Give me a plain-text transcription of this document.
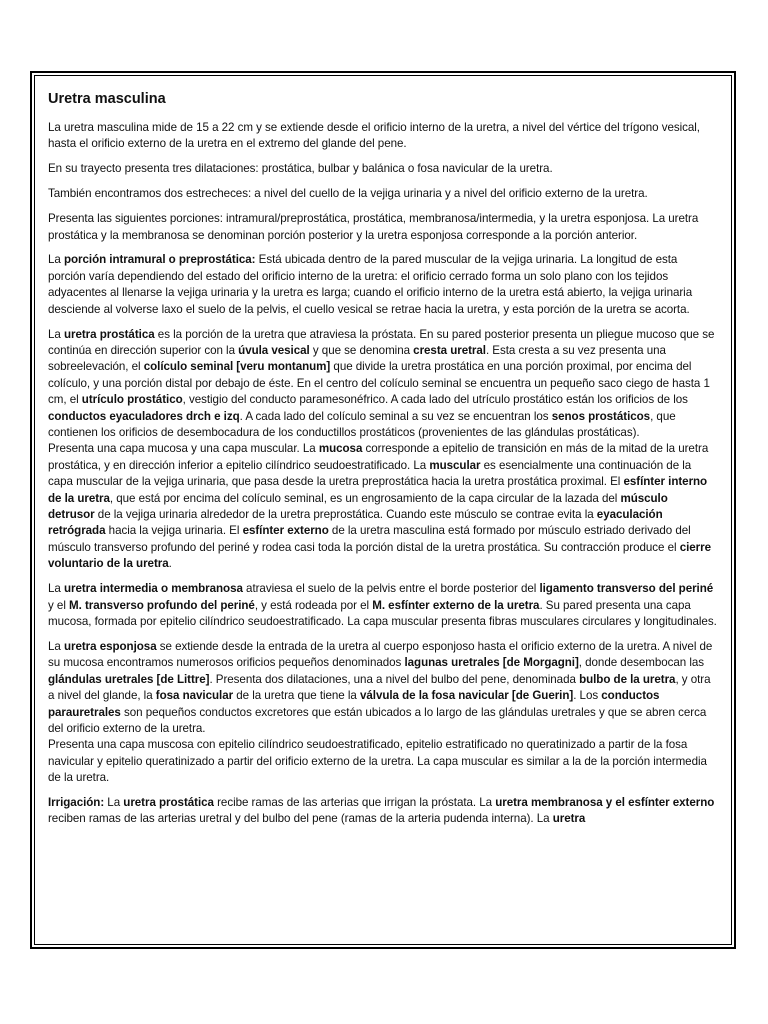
Uretra masculina

La uretra masculina mide de 15 a 22 cm y se extiende desde el orificio interno de la uretra, a nivel del vértice del trígono vesical, hasta el orificio externo de la uretra en el extremo del glande del pene.

En su trayecto presenta tres dilataciones: prostática, bulbar y balánica o fosa navicular de la uretra.

También encontramos dos estrecheces: a nivel del cuello de la vejiga urinaria y a nivel del orificio externo de la uretra.

Presenta las siguientes porciones: intramural/preprostática, prostática, membranosa/intermedia, y la uretra esponjosa. La uretra prostática y la membranosa se denominan porción posterior y la uretra esponjosa corresponde a la porción anterior.

La porción intramural o preprostática: Está ubicada dentro de la pared muscular de la vejiga urinaria. La longitud de esta porción varía dependiendo del estado del orificio interno de la uretra: el orificio cerrado forma un solo plano con los tejidos adyacentes al llenarse la vejiga urinaria y la uretra es larga; cuando el orificio interno de la uretra está abierto, la vejiga urinaria desciende al volverse laxo el suelo de la pelvis, el cuello vesical se retrae hacia la uretra, y esta porción de la uretra se acorta.

La uretra prostática es la porción de la uretra que atraviesa la próstata. En su pared posterior presenta un pliegue mucoso que se continúa en dirección superior con la úvula vesical y que se denomina cresta uretral. Esta cresta a su vez presenta una sobreelevación, el colículo seminal [veru montanum] que divide la uretra prostática en una porción proximal, por encima del colículo, y una porción distal por debajo de éste. En el centro del colículo seminal se encuentra un pequeño saco ciego de hasta 1 cm, el utrículo prostático, vestigio del conducto paramesonéfrico. A cada lado del utrículo prostático están los orificios de los conductos eyaculadores drch e izq. A cada lado del colículo seminal a su vez se encuentran los senos prostáticos, que contienen los orificios de desembocadura de los conductillos prostáticos (provenientes de las glándulas prostáticas).

Presenta una capa mucosa y una capa muscular. La mucosa corresponde a epitelio de transición en más de la mitad de la uretra prostática, y en dirección inferior a epitelio cilíndrico seudoestratificado. La muscular es esencialmente una continuación de la capa muscular de la vejiga urinaria, que pasa desde la uretra preprostática hacia la uretra prostática proximal. El esfínter interno de la uretra, que está por encima del colículo seminal, es un engrosamiento de la capa circular de la lazada del músculo detrusor de la vejiga urinaria alrededor de la uretra preprostática. Cuando este músculo se contrae evita la eyaculación retrógrada hacia la vejiga urinaria. El esfínter externo de la uretra masculina está formado por músculo estriado derivado del músculo transverso profundo del periné y rodea casi toda la porción distal de la uretra prostática. Su contracción produce el cierre voluntario de la uretra.

La uretra intermedia o membranosa atraviesa el suelo de la pelvis entre el borde posterior del ligamento transverso del periné y el M. transverso profundo del periné, y está rodeada por el M. esfínter externo de la uretra. Su pared presenta una capa mucosa, formada por epitelio cilíndrico seudoestratificado. La capa muscular presenta fibras musculares circulares y longitudinales.

La uretra esponjosa se extiende desde la entrada de la uretra al cuerpo esponjoso hasta el orificio externo de la uretra. A nivel de su mucosa encontramos numerosos orificios pequeños denominados lagunas uretrales [de Morgagni], donde desembocan las glándulas uretrales [de Littre]. Presenta dos dilataciones, una a nivel del bulbo del pene, denominada bulbo de la uretra, y otra a nivel del glande, la fosa navicular de la uretra que tiene la válvula de la fosa navicular [de Guerin]. Los conductos parauretrales son pequeños conductos excretores que están ubicados a lo largo de las glándulas uretrales y que se abren cerca del orificio externo de la uretra.

Presenta una capa muscosa con epitelio cilíndrico seudoestratificado, epitelio estratificado no queratinizado a partir de la fosa navicular y epitelio queratinizado a partir del orificio externo de la uretra. La capa muscular es similar a la de la porción intermedia de la uretra.

Irrigación: La uretra prostática recibe ramas de las arterias que irrigan la próstata. La uretra membranosa y el esfínter externo reciben ramas de las arterias uretral y del bulbo del pene (ramas de la arteria pudenda interna). La uretra
